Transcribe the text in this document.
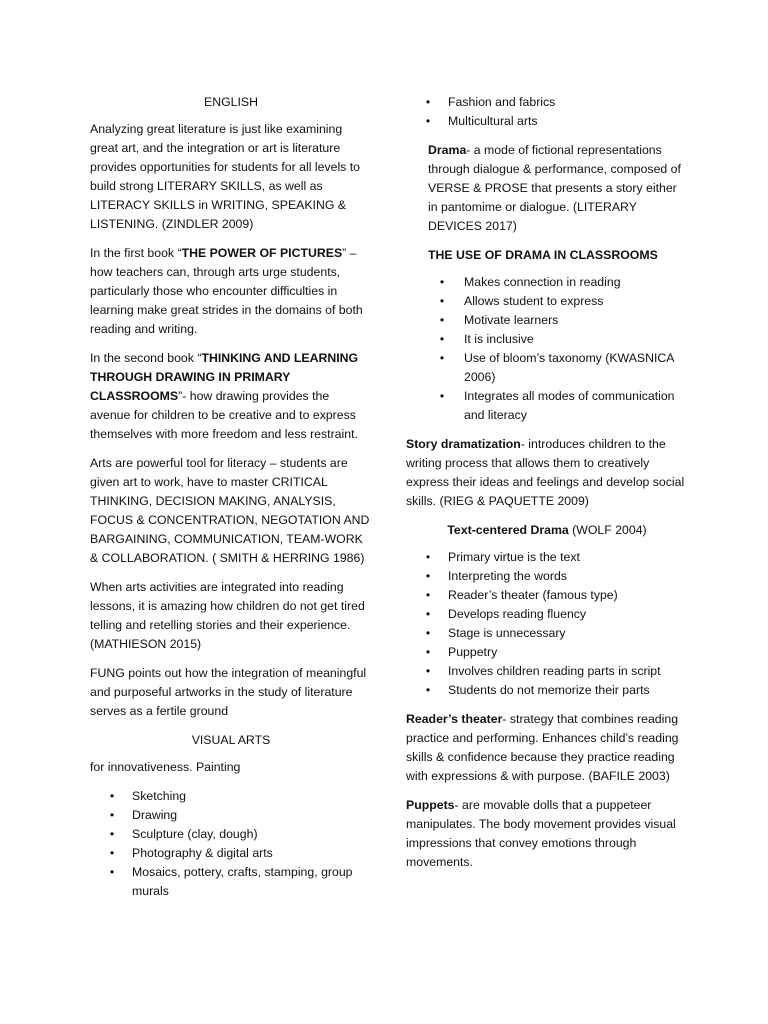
ENGLISH

Analyzing great literature is just like examining great art, and the integration or art is literature provides opportunities for students for all levels to build strong LITERARY SKILLS, as well as LITERACY SKILLS in WRITING, SPEAKING & LISTENING. (ZINDLER 2009)

In the first book “THE POWER OF PICTURES” – how teachers can, through arts urge students, particularly those who encounter difficulties in learning make great strides in the domains of both reading and writing.

In the second book “THINKING AND LEARNING THROUGH DRAWING IN PRIMARY CLASSROOMS”- how drawing provides the avenue for children to be creative and to express themselves with more freedom and less restraint.

Arts are powerful tool for literacy – students are given art to work, have to master CRITICAL THINKING, DECISION MAKING, ANALYSIS, FOCUS & CONCENTRATION, NEGOTATION AND BARGAINING, COMMUNICATION, TEAM-WORK & COLLABORATION. ( SMITH & HERRING 1986)

When arts activities are integrated into reading lessons, it is amazing how children do not get tired telling and retelling stories and their experience. (MATHIESON 2015)

FUNG points out how the integration of meaningful and purposeful artworks in the study of literature serves as a fertile ground

VISUAL ARTS

for innovativeness. Painting

•	Sketching
•	Drawing
•	Sculpture (clay, dough)
•	Photography & digital arts
•	Mosaics, pottery, crafts, stamping, group murals
•	Fashion and fabrics
•	Multicultural arts

Drama- a mode of fictional representations through dialogue & performance, composed of VERSE & PROSE that presents a story either in pantomime or dialogue. (LITERARY DEVICES 2017)

THE USE OF DRAMA IN CLASSROOMS
•	Makes connection in reading
•	Allows student to express
•	Motivate learners
•	It is inclusive
•	Use of bloom’s taxonomy (KWASNICA 2006)
•	Integrates all modes of communication and literacy

Story dramatization- introduces children to the writing process that allows them to creatively express their ideas and feelings and develop social skills. (RIEG & PAQUETTE 2009)

Text-centered Drama (WOLF 2004)
•	Primary virtue is the text
•	Interpreting the words
•	Reader’s theater (famous type)
•	Develops reading fluency
•	Stage is unnecessary
•	Puppetry
•	Involves children reading parts in script
•	Students do not memorize their parts

Reader’s theater- strategy that combines reading practice and performing. Enhances child’s reading skills & confidence because they practice reading with expressions & with purpose. (BAFILE 2003)

Puppets- are movable dolls that a puppeteer manipulates. The body movement provides visual impressions that convey emotions through movements.
